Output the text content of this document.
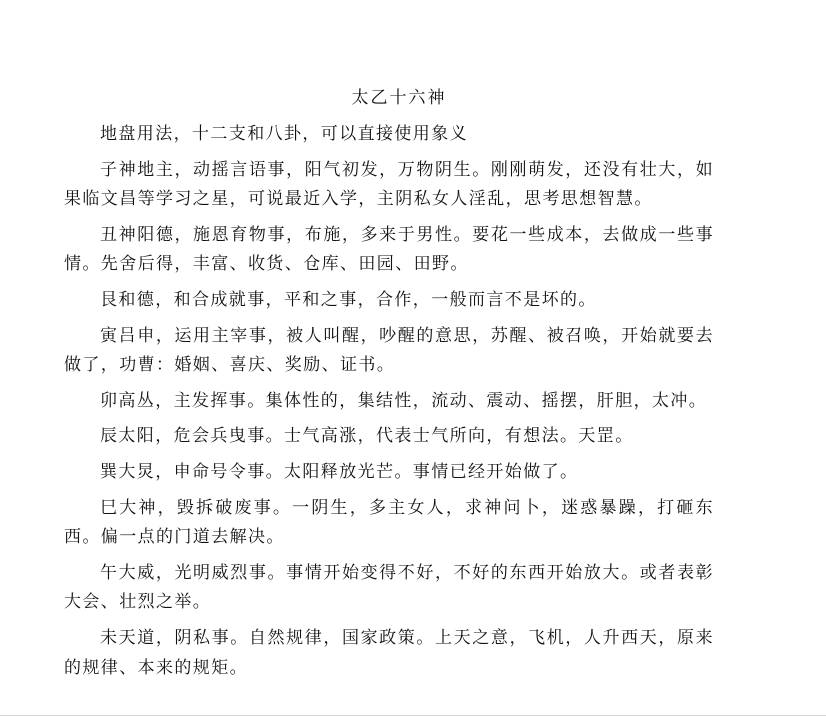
太乙十六神

地盘用法，十二支和八卦，可以直接使用象义

子神地主，动摇言语事，阳气初发，万物阴生。刚刚萌发，还没有壮大，如果临文昌等学习之星，可说最近入学，主阴私女人淫乱，思考思想智慧。

丑神阳德，施恩育物事，布施，多来于男性。要花一些成本，去做成一些事情。先舍后得，丰富、收货、仓库、田园、田野。

艮和德，和合成就事，平和之事，合作，一般而言不是坏的。

寅吕申，运用主宰事，被人叫醒，吵醒的意思，苏醒、被召唤，开始就要去做了，功曹：婚姻、喜庆、奖励、证书。

卯高丛，主发挥事。集体性的，集结性，流动、震动、摇摆，肝胆，太冲。

辰太阳，危会兵曳事。士气高涨，代表士气所向，有想法。天罡。

巽大炅，申命号令事。太阳释放光芒。事情已经开始做了。

巳大神，毁拆破废事。一阴生，多主女人，求神问卜，迷惑暴躁，打砸东西。偏一点的门道去解决。

午大威，光明威烈事。事情开始变得不好，不好的东西开始放大。或者表彰大会、壮烈之举。

未天道，阴私事。自然规律，国家政策。上天之意，飞机，人升西天，原来的规律、本来的规矩。
